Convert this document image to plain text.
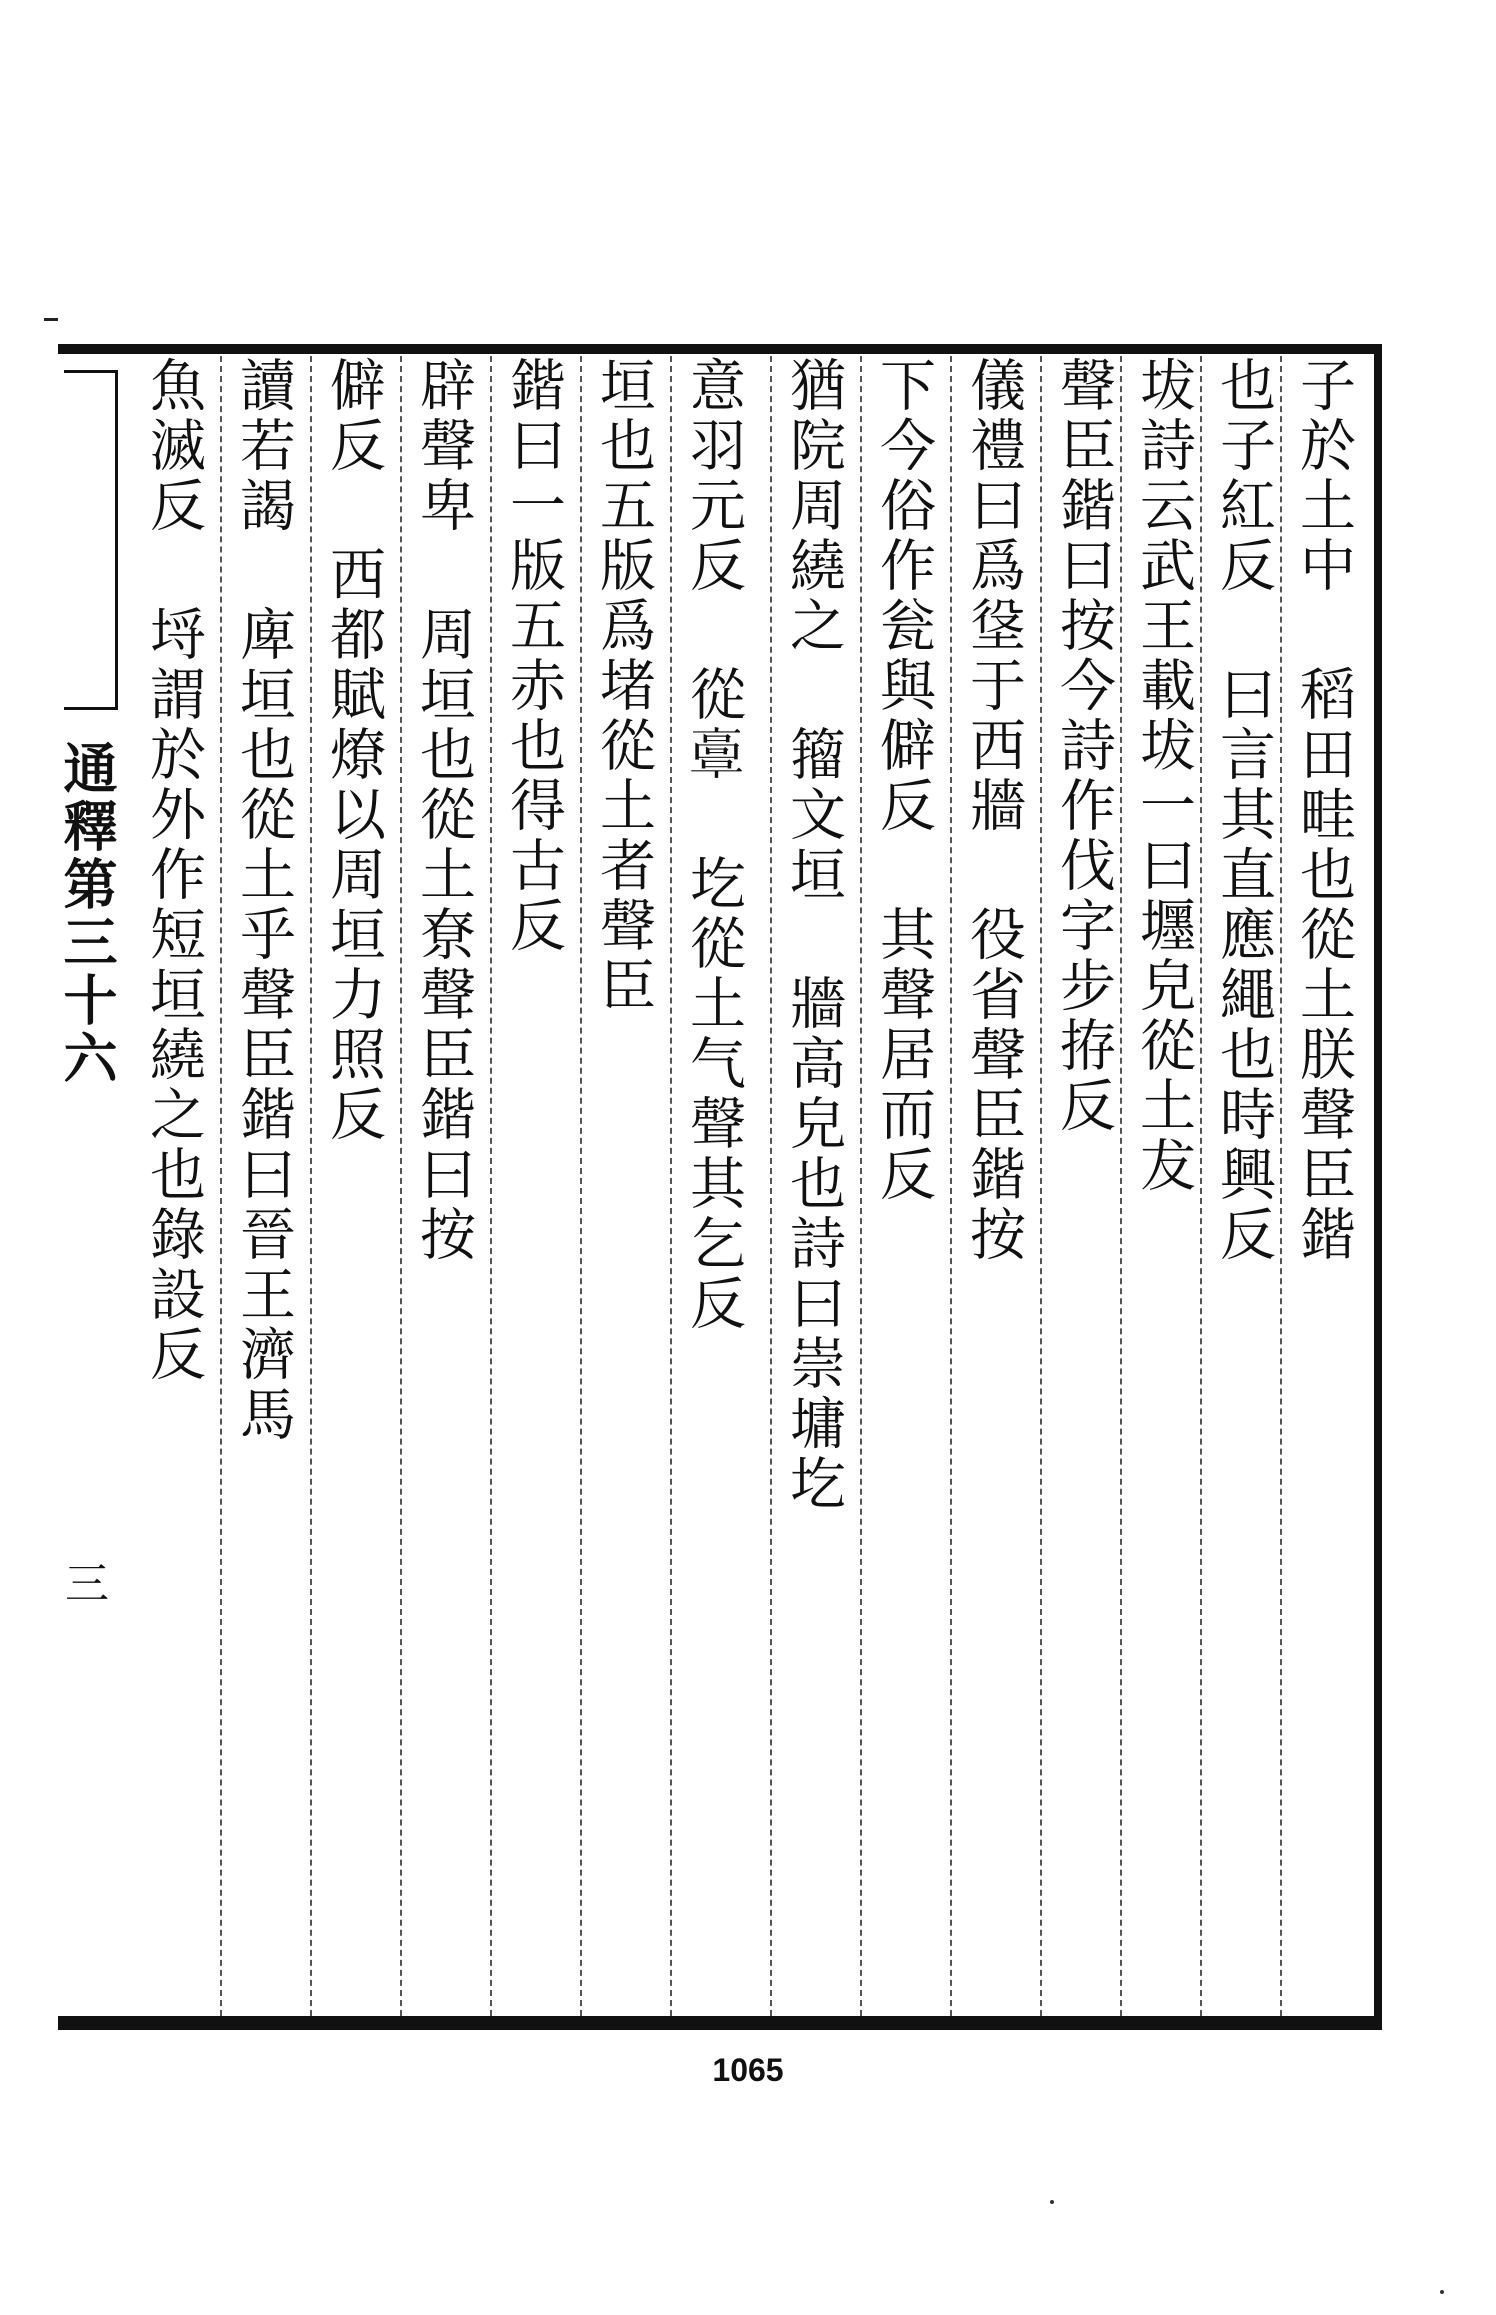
通釋第三十六
三
子於土中 稻田畦也從土朕聲臣鍇
也子紅反 曰言其直應繩也時興反
坺詩云武王載坺一曰壥皃從土犮
聲臣鍇曰按今詩作伐字步拵反
儀禮曰爲垼于西牆 役省聲臣鍇按
下今俗作瓮與僻反 其聲居而反
猶院周繞之 籀文垣 牆高皃也詩曰崇墉圪
意羽元反 從𩫏 圪從土气聲其乞反
垣也五版爲堵從土者聲臣
鍇曰一版五赤也得古反
辟聲卑 周垣也從土尞聲臣鍇曰按
僻反 西都賦燎以周垣力照反
讀若謁 庳垣也從土乎聲臣鍇曰晉王濟馬
魚滅反 埒謂於外作短垣繞之也錄設反
1065
